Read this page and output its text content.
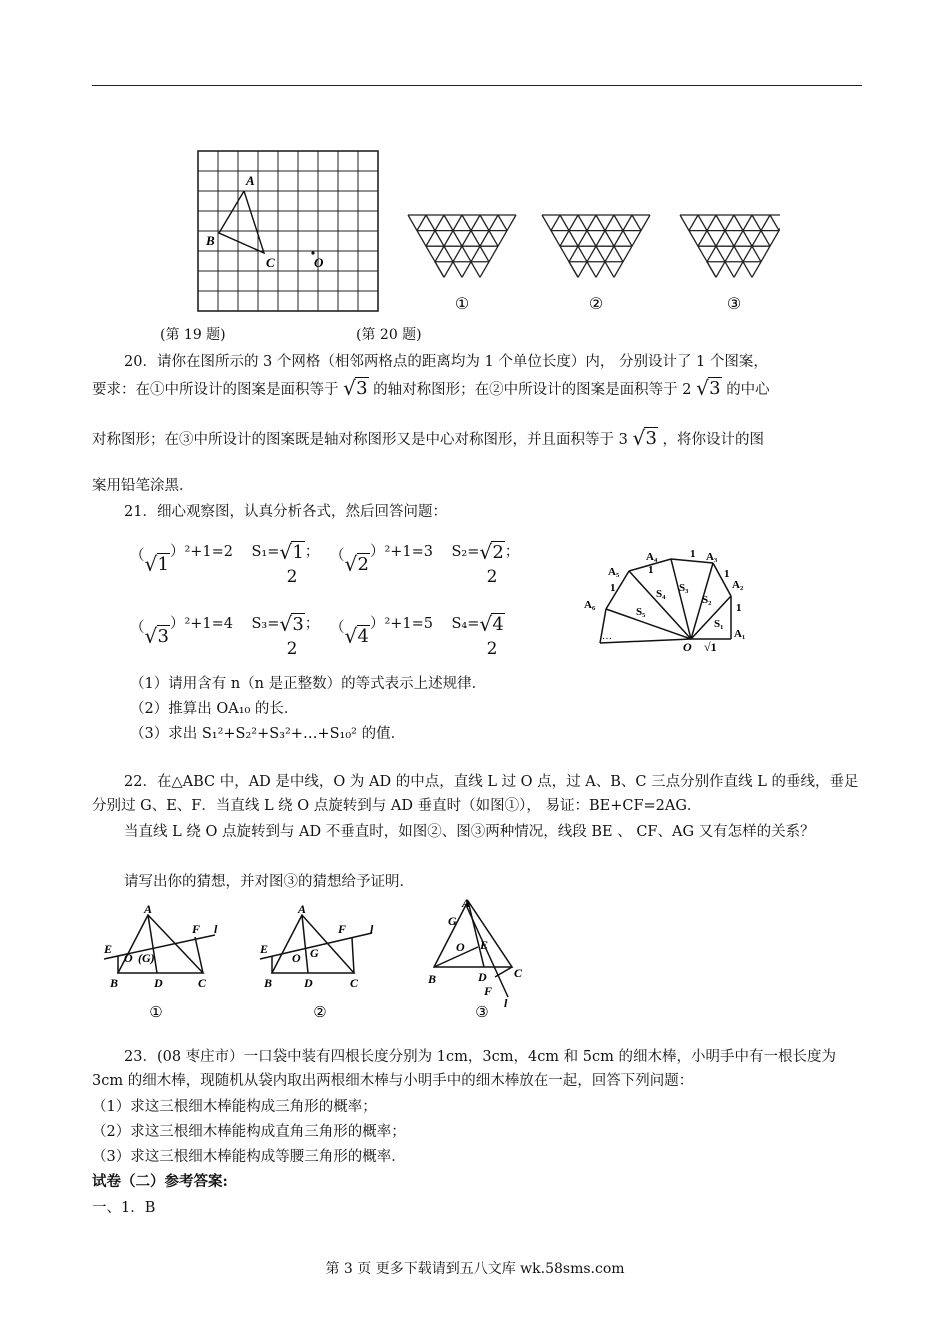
A
B
C	O
①	②	③
(第 19 题)	(第 20 题)
20．请你在图所示的 3 个网格（相邻两格点的距离均为 1 个单位长度）内， 分别设计了 1 个图案，
要求：在①中所设计的图案是面积等于 √ 3 的轴对称图形；在②中所设计的图案是面积等于 2 √ 3 的中心
对称图形；在③中所设计的图案既是轴对称图形又是中心对称图形，并且面积等于 3 √ 3 ，将你设计的图
案用铅笔涂黑．
21．细心观察图，认真分析各式，然后回答问题：
（ √ 1）²+1=2 S₁= √ 1
2
； （ √ 2）²+1=3 S₂= √ 2
2
；
（ √ 3）²+1=4 S₃= √ 3
2
； （ √ 4）²+1=5 S₄= √ 4
2
A₁
A₂
A₃
A₄
A₅
A₆
O
S₁
S₂
S₃
S₄
S₅	1
1
1
1
1
√1
…
（1）请用含有 n（n 是正整数）的等式表示上述规律．
（2）推算出 OA₁₀ 的长．
（3）求出 S₁²+S₂²+S₃²+…+S₁₀² 的值．
22．在△ABC 中，AD 是中线，O 为 AD 的中点，直线 L 过 O 点，过 A、B、C 三点分别作直线 L 的垂线，垂足分别过 G、E、F．当直线 L 绕 O 点旋转到与 AD 垂直时（如图①）， 易证：BE+CF=2AG．
当直线 L 绕 O 点旋转到与 AD 不垂直时，如图②、图③两种情况，线段 BE 、 CF、AG 又有怎样的关系？
请写出你的猜想，并对图③的猜想给予证明．
A
E
O (G)
F l
B	D	C
A
E
O G
F l
B	D	C
A
G
O E
B	D C
F
l
①	②	③
23．(08 枣庄市）一口袋中装有四根长度分别为 1cm，3cm，4cm 和 5cm 的细木棒，小明手中有一根长度为 3cm 的细木棒，现随机从袋内取出两根细木棒与小明手中的细木棒放在一起，回答下列问题：
（1）求这三根细木棒能构成三角形的概率；
（2）求这三根细木棒能构成直角三角形的概率；
（3）求这三根细木棒能构成等腰三角形的概率．
试卷（二）参考答案:
一、1．B
第 3 页 更多下载请到五八文库 wk.58sms.com
